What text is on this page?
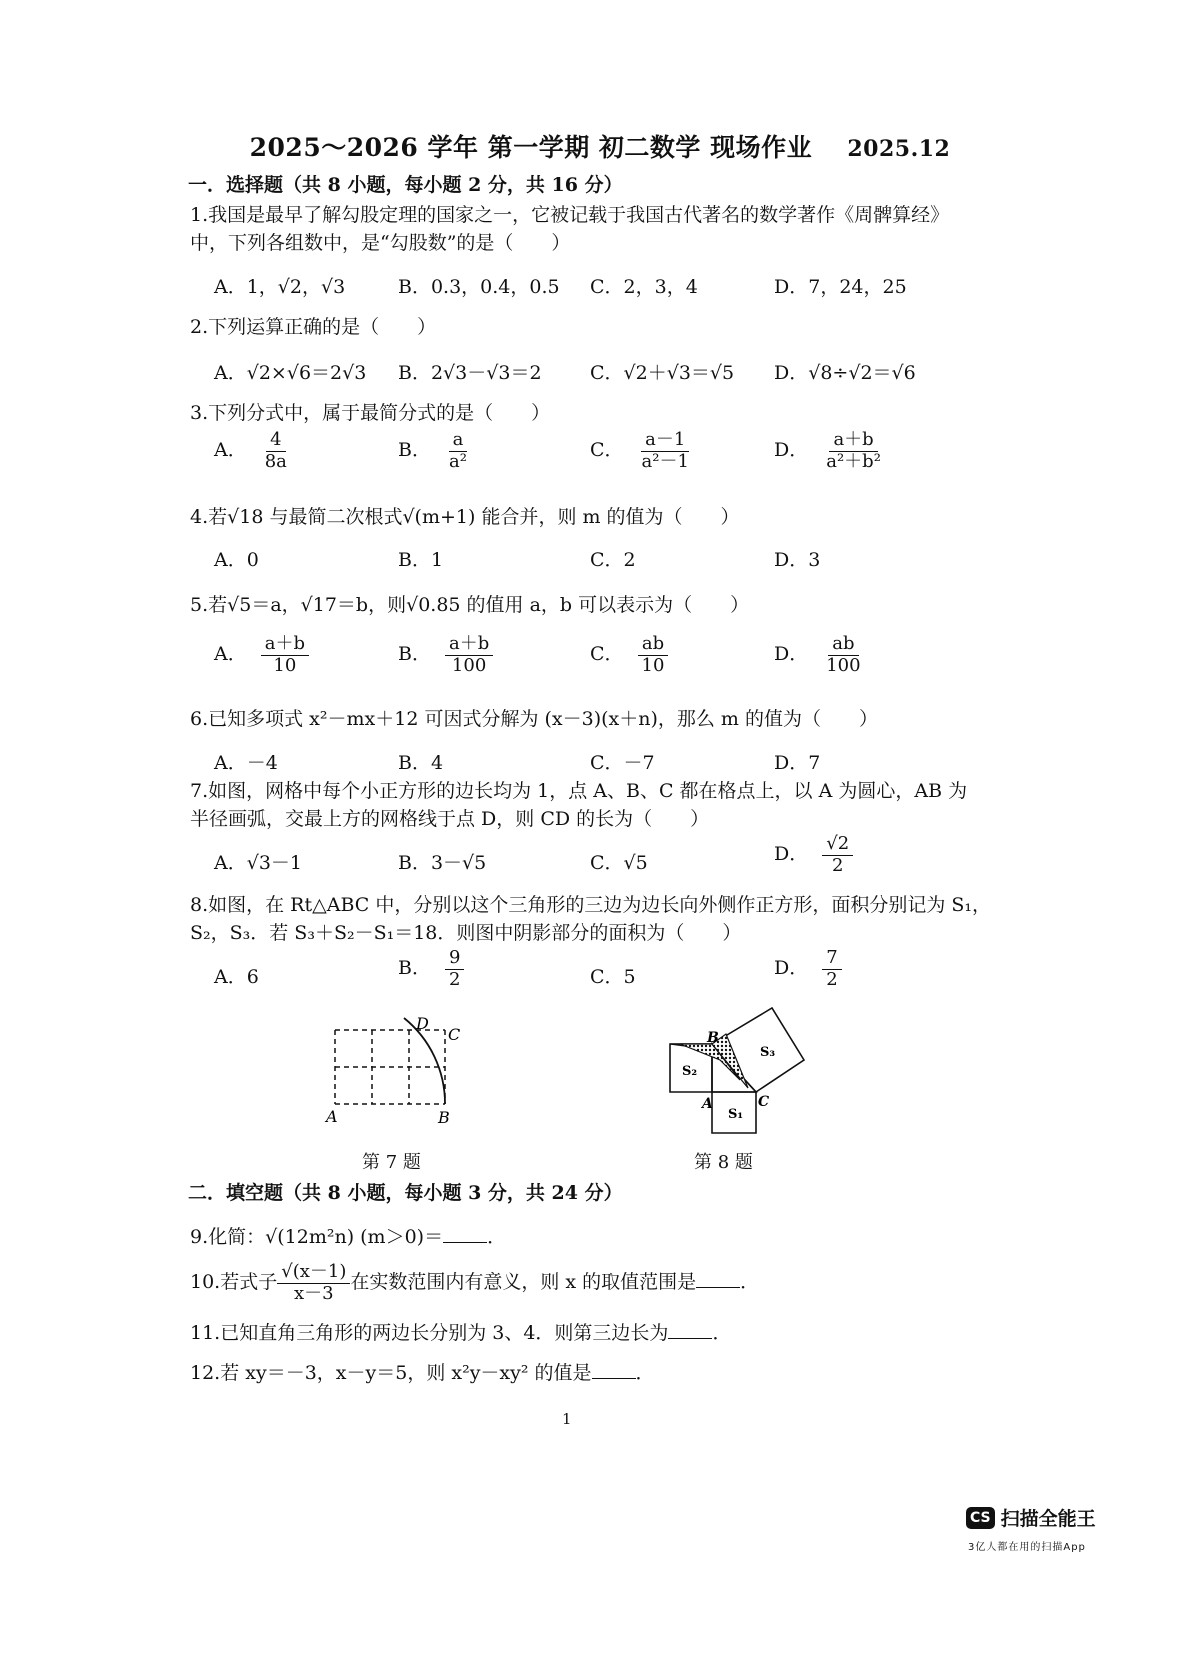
2025～2026 学年 第一学期 初二数学 现场作业 2025.12
一．选择题（共 8 小题，每小题 2 分，共 16 分）
1.我国是最早了解勾股定理的国家之一，它被记载于我国古代著名的数学著作《周髀算经》
中，下列各组数中，是“勾股数”的是（　　）
A．1，√2，√3	B．0.3，0.4，0.5 C．2，3，4	D．7，24，25
2.下列运算正确的是（　　）
A．√2×√6＝2√3 B．2√3－√3＝2	C．√2＋√3＝√5 D．√8÷√2＝√6
3.下列分式中，属于最简分式的是（　　）
A． $\frac{4}{8a}$	B． $\frac{a}{\text{a²}}$	C． $\frac{a-1}{\text{a²－1}}$	D． $\frac{a+b}{\text{a²＋b²}}$
4.若√18 与最简二次根式√(m+1) 能合并，则 m 的值为（　　）
A．0	B．1	C．2	D．3
5.若√5＝a，√17＝b，则√0.85 的值用 a，b 可以表示为（　　）
A． $\frac{a+b}{10}$	B． $\frac{a+b}{100}$	C． $\frac{ab}{10}$	D． $\frac{ab}{100}$
6.已知多项式 x²－mx＋12 可因式分解为 (x－3)(x＋n)，那么 m 的值为（　　）
A．－4	B．4	C．－7	D．7
7.如图，网格中每个小正方形的边长均为 1，点 A、B、C 都在格点上，以 A 为圆心，AB 为
半径画弧，交最上方的网格线于点 D，则 CD 的长为（　　）
A．√3－1	B．3－√5	C．√5	D． $\frac{√2}{2}$
8.如图，在 Rt△ABC 中，分别以这个三角形的三边为边长向外侧作正方形，面积分别记为 S₁，
S₂，S₃．若 S₃＋S₂－S₁＝18．则图中阴影部分的面积为（　　）
A．6	B． $\frac{9}{2}$	C．5	D． $\frac{7}{2}$
A	B
C
D
第 7 题
B
A	C
S₂
S₁
S₃
第 8 题
二．填空题（共 8 小题，每小题 3 分，共 24 分）
9.化简：√(12m²n) (m＞0)＝ ．
10.若式子 $\frac{√(x-1)}{x-3}$ 在实数范围内有意义，则 x 的取值范围是 ．
11.已知直角三角形的两边长分别为 3、4．则第三边长为 ．
12.若 xy＝－3，x－y＝5，则 x²y－xy² 的值是 ．
1
CS 扫描全能王
3亿人都在用的扫描App
